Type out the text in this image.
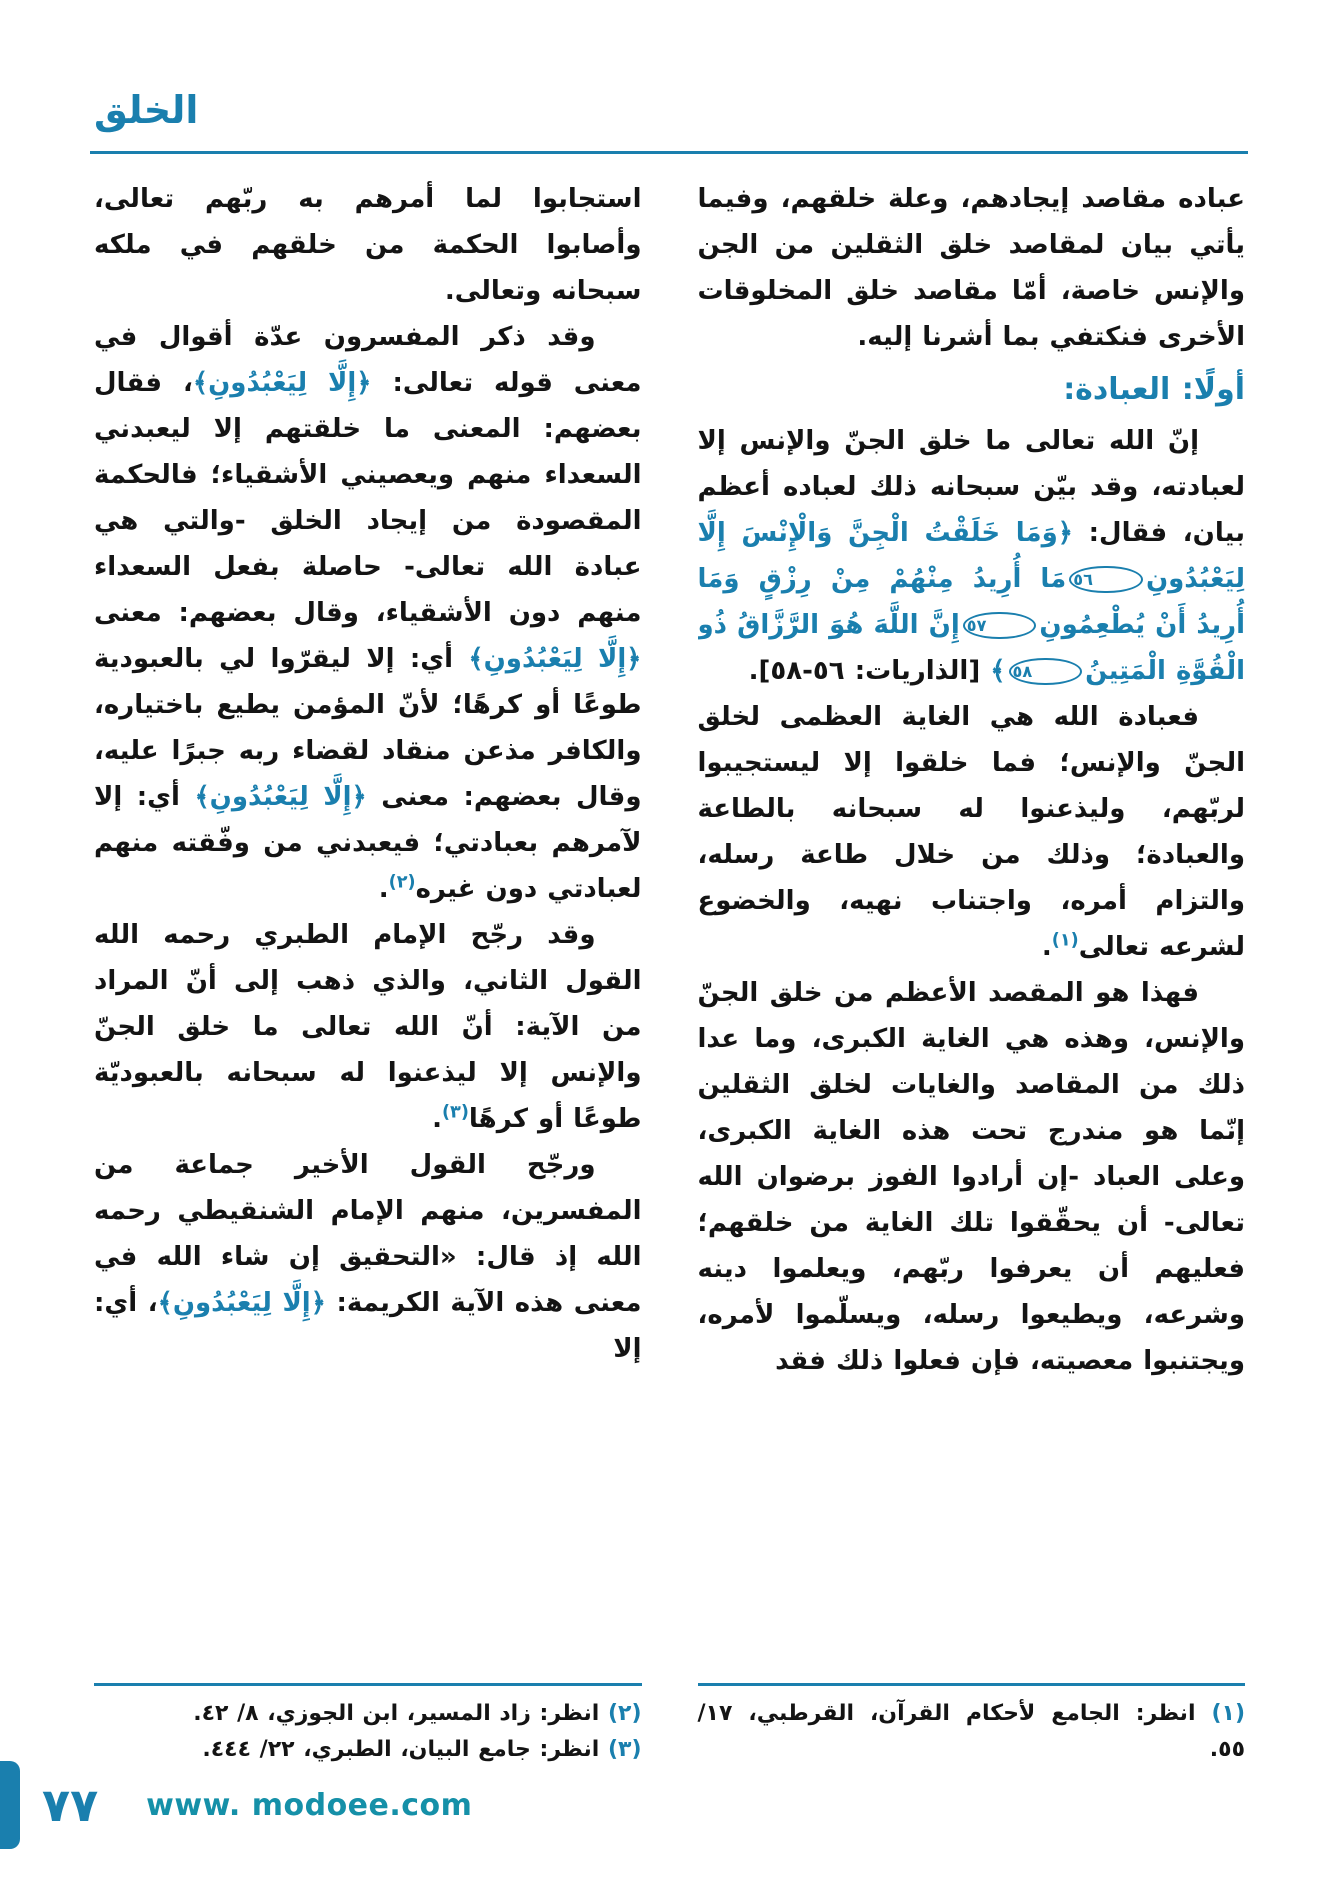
الخلق
عباده مقاصد إيجادهم، وعلة خلقهم، وفيما يأتي بيان لمقاصد خلق الثقلين من الجن والإنس خاصة، أمّا مقاصد خلق المخلوقات الأخرى فنكتفي بما أشرنا إليه.
أولًا: العبادة:
إنّ الله تعالى ما خلق الجنّ والإنس إلا لعبادته، وقد بيّن سبحانه ذلك لعباده أعظم بيان، فقال: ﴿وَمَا خَلَقْتُ الْجِنَّ وَالْإِنْسَ إِلَّا لِيَعْبُدُونِ٥٦مَا أُرِيدُ مِنْهُمْ مِنْ رِزْقٍ وَمَا أُرِيدُ أَنْ يُطْعِمُونِ٥٧إِنَّ اللَّهَ هُوَ الرَّزَّاقُ ذُو الْقُوَّةِ الْمَتِينُ٥٨﴾ [الذاريات: ٥٦-٥٨].
فعبادة الله هي الغاية العظمى لخلق الجنّ والإنس؛ فما خلقوا إلا ليستجيبوا لربّهم، وليذعنوا له سبحانه بالطاعة والعبادة؛ وذلك من خلال طاعة رسله، والتزام أمره، واجتناب نهيه، والخضوع لشرعه تعالى$^{(١)}$.
فهذا هو المقصد الأعظم من خلق الجنّ والإنس، وهذه هي الغاية الكبرى، وما عدا ذلك من المقاصد والغايات لخلق الثقلين إنّما هو مندرج تحت هذه الغاية الكبرى، وعلى العباد -إن أرادوا الفوز برضوان الله تعالى- أن يحقّقوا تلك الغاية من خلقهم؛ فعليهم أن يعرفوا ربّهم، ويعلموا دينه وشرعه، ويطيعوا رسله، ويسلّموا لأمره، ويجتنبوا معصيته، فإن فعلوا ذلك فقد
(١) انظر: الجامع لأحكام القرآن، القرطبي، ١٧/ ٥٥.
استجابوا لما أمرهم به ربّهم تعالى، وأصابوا الحكمة من خلقهم في ملكه سبحانه وتعالى.
وقد ذكر المفسرون عدّة أقوال في معنى قوله تعالى: ﴿إِلَّا لِيَعْبُدُونِ﴾، فقال بعضهم: المعنى ما خلقتهم إلا ليعبدني السعداء منهم ويعصيني الأشقياء؛ فالحكمة المقصودة من إيجاد الخلق -والتي هي عبادة الله تعالى- حاصلة بفعل السعداء منهم دون الأشقياء، وقال بعضهم: معنى ﴿إِلَّا لِيَعْبُدُونِ﴾ أي: إلا ليقرّوا لي بالعبودية طوعًا أو كرهًا؛ لأنّ المؤمن يطيع باختياره، والكافر مذعن منقاد لقضاء ربه جبرًا عليه، وقال بعضهم: معنى ﴿إِلَّا لِيَعْبُدُونِ﴾ أي: إلا لآمرهم بعبادتي؛ فيعبدني من وفّقته منهم لعبادتي دون غيره$^{(٢)}$.
وقد رجّح الإمام الطبري رحمه الله القول الثاني، والذي ذهب إلى أنّ المراد من الآية: أنّ الله تعالى ما خلق الجنّ والإنس إلا ليذعنوا له سبحانه بالعبوديّة طوعًا أو كرهًا$^{(٣)}$.
ورجّح القول الأخير جماعة من المفسرين، منهم الإمام الشنقيطي رحمه الله إذ قال: «التحقيق إن شاء الله في معنى هذه الآية الكريمة: ﴿إِلَّا لِيَعْبُدُونِ﴾، أي: إلا
(٢) انظر: زاد المسير، ابن الجوزي، ٨/ ٤٢.
(٣) انظر: جامع البيان، الطبري، ٢٢/ ٤٤٤.
٧٧ www. modoee.com
